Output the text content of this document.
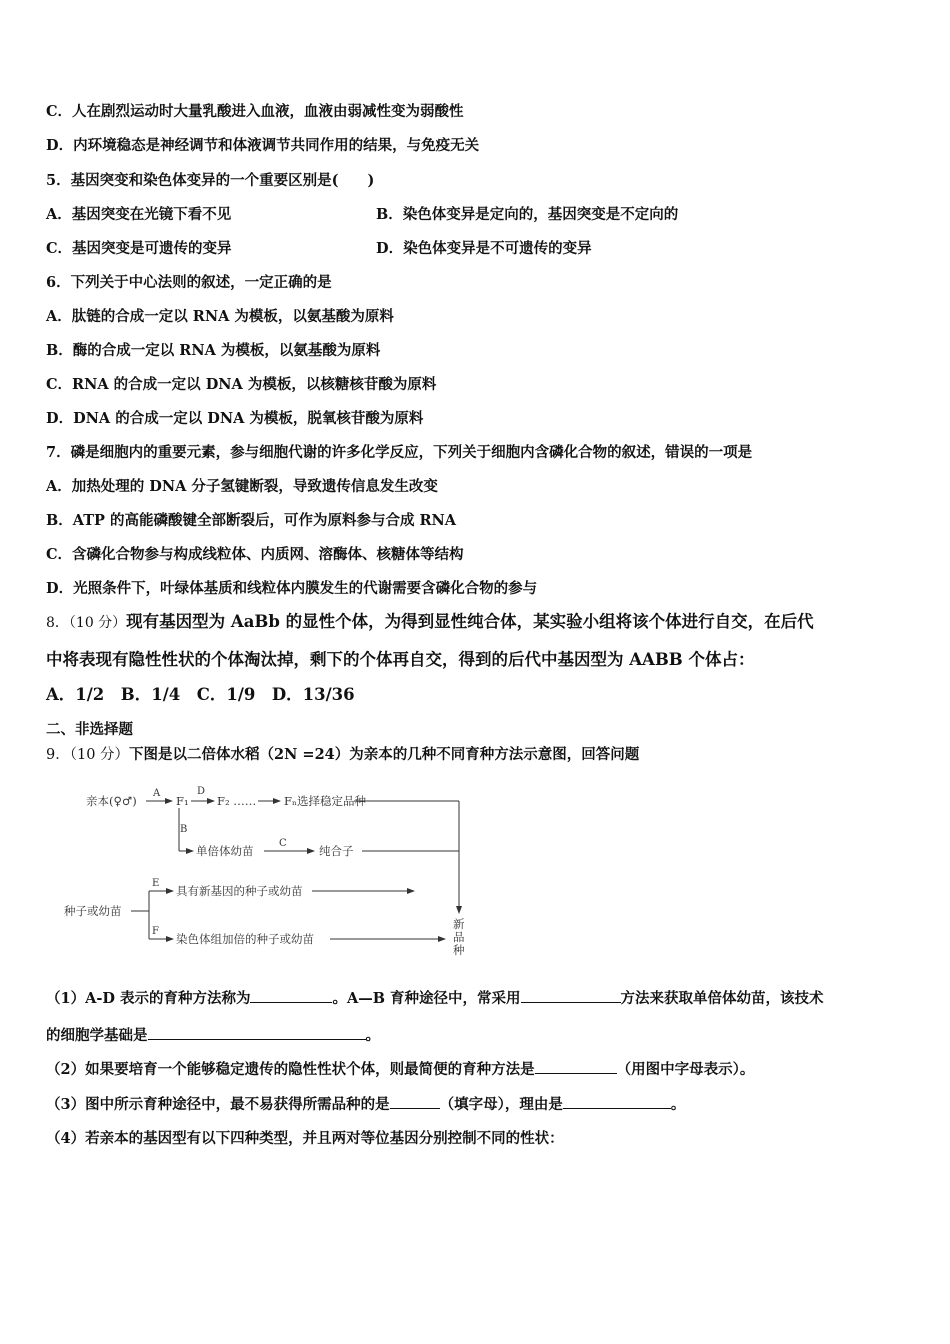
C．人在剧烈运动时大量乳酸进入血液，血液由弱减性变为弱酸性
D．内环境稳态是神经调节和体液调节共同作用的结果，与免疫无关
5．基因突变和染色体变异的一个重要区别是(　　)
A．基因突变在光镜下看不见	B．染色体变异是定向的，基因突变是不定向的
C．基因突变是可遗传的变异	D．染色体变异是不可遗传的变异
6．下列关于中心法则的叙述，一定正确的是
A．肽链的合成一定以 RNA 为模板，以氨基酸为原料
B．酶的合成一定以 RNA 为模板，以氨基酸为原料
C．RNA 的合成一定以 DNA 为模板，以核糖核苷酸为原料
D．DNA 的合成一定以 DNA 为模板，脱氧核苷酸为原料
7．磷是细胞内的重要元素，参与细胞代谢的许多化学反应，下列关于细胞内含磷化合物的叙述，错误的一项是
A．加热处理的 DNA 分子氢键断裂，导致遗传信息发生改变
B．ATP 的高能磷酸键全部断裂后，可作为原料参与合成 RNA
C．含磷化合物参与构成线粒体、内质网、溶酶体、核糖体等结构
D．光照条件下，叶绿体基质和线粒体内膜发生的代谢需要含磷化合物的参与
8．（10 分）现有基因型为 AaBb 的显性个体，为得到显性纯合体，某实验小组将该个体进行自交，在后代
中将表现有隐性性状的个体淘汰掉，剩下的个体再自交，得到的后代中基因型为 AABB 个体占：
A．1/2　B．1/4　C．1/9　D．13/36
二、非选择题
9．（10 分）下图是以二倍体水稻（2N =24）为亲本的几种不同育种方法示意图，回答问题
亲本(♀♂)
A
F₁
D
F₂ …… Fₙ选择稳定品种
B
单倍体幼苗
C
纯合子
种子或幼苗
E
具有新基因的种子或幼苗
F
染色体组加倍的种子或幼苗
新
品
种
（1）A-D 表示的育种方法称为	。A—B 育种途径中，常采用	方法来获取单倍体幼苗，该技术
的细胞学基础是	。
（2）如果要培育一个能够稳定遗传的隐性性状个体，则最简便的育种方法是	（用图中字母表示）。
（3）图中所示育种途径中，最不易获得所需品种的是	（填字母），理由是	。
（4）若亲本的基因型有以下四种类型，并且两对等位基因分别控制不同的性状：
